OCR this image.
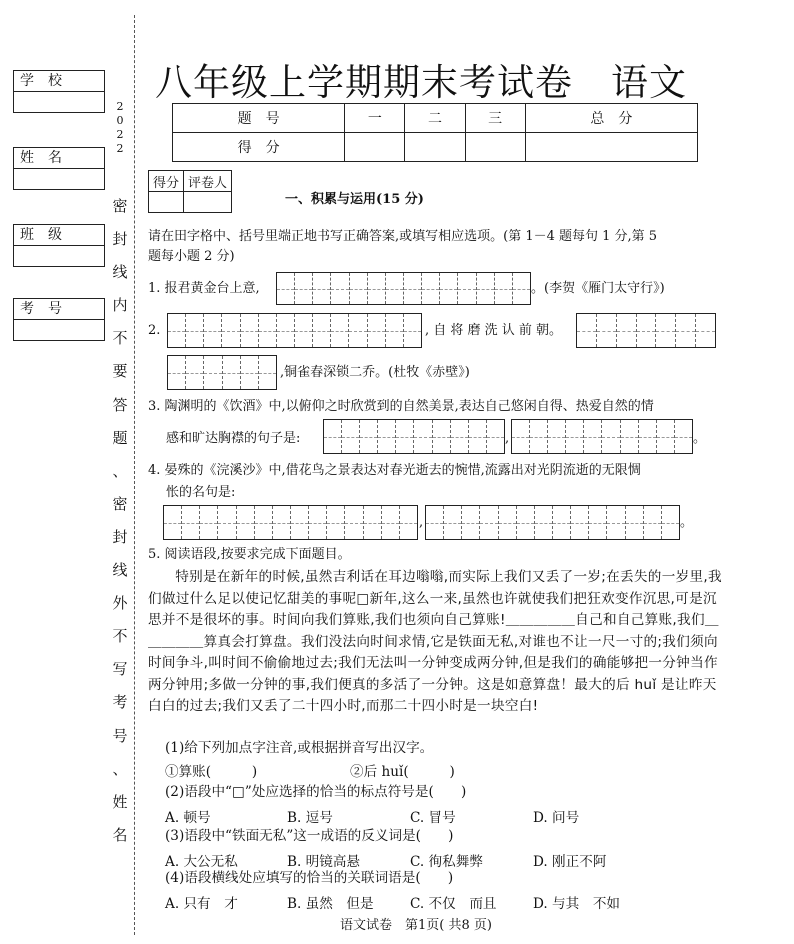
学　校
姓　名
班　级
考　号
2
0
2
2
密
封
线
内
不
要
答
题
、
密
封
线
外
不
写
考
号
、
姓
名
八年级上学期期末考试卷　语文
题　号	一	二	三	总　分
得　分				
得分	评卷人

一、积累与运用(15 分)
请在田字格中、括号里端正地书写正确答案,或填写相应选项。(第 1－4 题每句 1 分,第 5
题每小题 2 分)
1. 报君黄金台上意,	。(李贺《雁门太守行》)
2.	, 自 将 磨 洗 认 前 朝。
,铜雀春深锁二乔。(杜牧《赤壁》)
3. 陶渊明的《饮酒》中,以俯仰之时欣赏到的自然美景,表达自己悠闲自得、热爱自然的情
感和旷达胸襟的句子是:	,	。
4. 晏殊的《浣溪沙》中,借花鸟之景表达对春光逝去的惋惜,流露出对光阴流逝的无限惆
怅的名句是:
,	。
5. 阅读语段,按要求完成下面题目。
特别是在新年的时候,虽然吉利话在耳边嗡嗡,而实际上我们又丢了一岁;在丢失的一岁里,我们做过什么足以使记忆甜美的事呢□新年,这么一来,虽然也许就使我们把狂欢变作沉思,可是沉思并不是很坏的事。时间向我们算账,我们也须向自己算账!＿＿＿＿＿自己和自己算账,我们＿＿＿＿＿算真会打算盘。我们没法向时间求情,它是铁面无私,对谁也不让一尺一寸的;我们须向时间争斗,叫时间不偷偷地过去;我们无法叫一分钟变成两分钟,但是我们的确能够把一分钟当作两分钟用;多做一分钟的事,我们便真的多活了一分钟。这是如意算盘！最大的后 huǐ 是让昨天白白的过去;我们又丢了二十四小时,而那二十四小时是一块空白!
(1)给下列加点字注音,或根据拼音写出汉字。
①算账(　　　)	②后 huǐ(　　　)
(2)语段中“□”处应选择的恰当的标点符号是(　　)
A. 顿号	B. 逗号	C. 冒号	D. 问号
(3)语段中“铁面无私”这一成语的反义词是(　　)
A. 大公无私	B. 明镜高悬	C. 徇私舞弊	D. 刚正不阿
(4)语段横线处应填写的恰当的关联词语是(　　)
A. 只有　才	B. 虽然　但是	C. 不仅　而且	D. 与其　不如
语文试卷　第1页( 共8 页)
